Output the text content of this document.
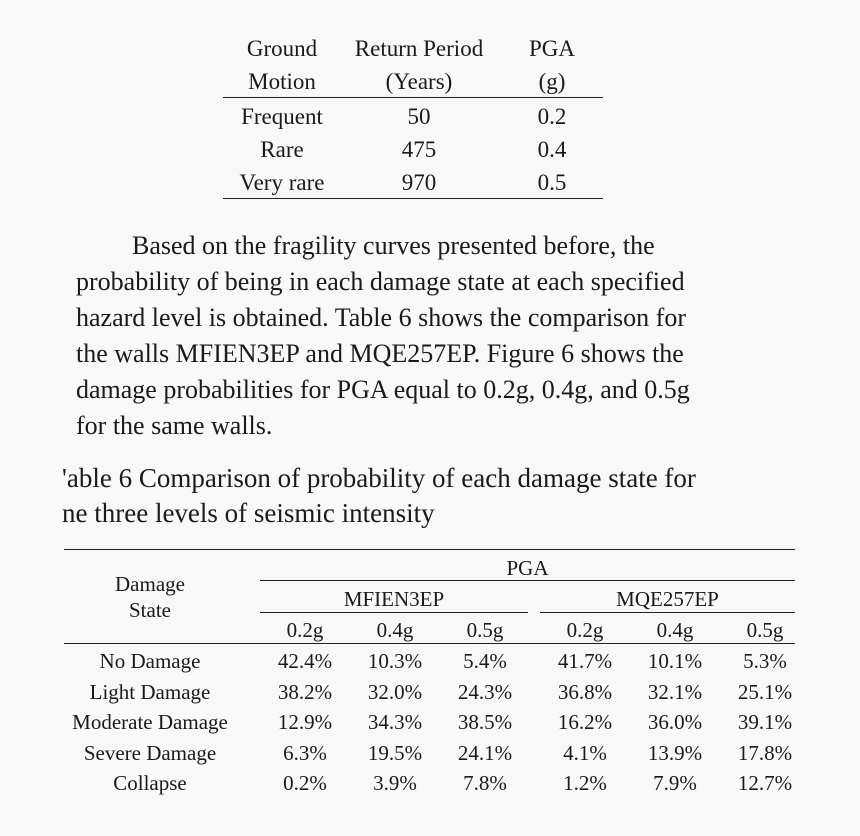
Ground	Return Period	PGA
Motion	(Years)	(g)
Frequent	50	0.2
Rare	475	0.4
Very rare	970	0.5
Based on the fragility curves presented before, the
probability of being in each damage state at each specified
hazard level is obtained. Table 6 shows the comparison for
the walls MFIEN3EP and MQE257EP. Figure 6 shows the
damage probabilities for PGA equal to 0.2g, 0.4g, and 0.5g
for the same walls.
'able 6 Comparison of probability of each damage state for
ne three levels of seismic intensity
Damage
State
PGA
MFIEN3EP	MQE257EP
0.2g	0.4g	0.5g	0.2g	0.4g	0.5g
No Damage	42.4%	10.3%	5.4%	41.7%	10.1%	5.3%
Light Damage	38.2%	32.0%	24.3%	36.8%	32.1%	25.1%
Moderate Damage	12.9%	34.3%	38.5%	16.2%	36.0%	39.1%
Severe Damage	6.3%	19.5%	24.1%	4.1%	13.9%	17.8%
Collapse	0.2%	3.9%	7.8%	1.2%	7.9%	12.7%
